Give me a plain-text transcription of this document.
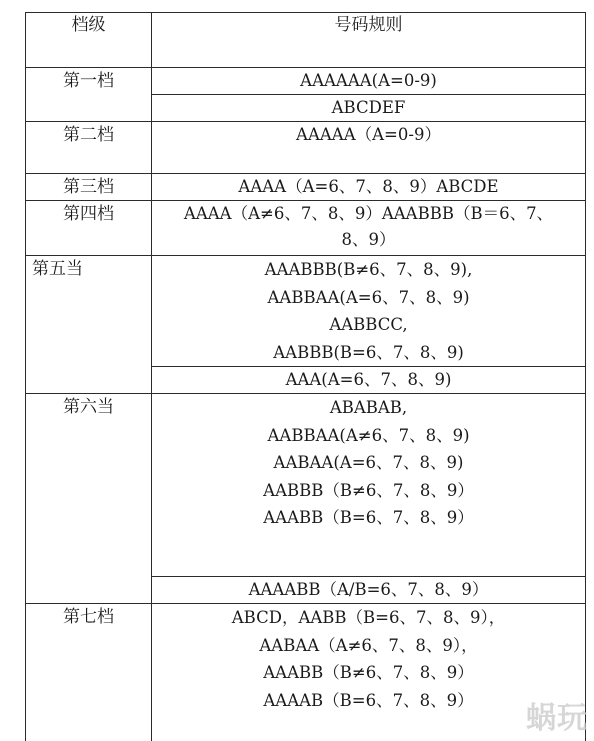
档级	号码规则
第一档	AAAAAA(A=0-9)
ABCDEF
第二档	AAAAA（A=0-9）
第三档	AAAA（A=6、7、8、9）ABCDE
第四档	AAAA（A≠6、7、8、9）AAABBB（B＝6、7、
8、9）
第五当	AAABBB(B≠6、7、8、9),
AABBAA(A=6、7、8、9)
AABBCC,
AABBB(B=6、7、8、9)
AAA(A=6、7、8、9)
第六当	ABABAB,
AABBAA(A≠6、7、8、9)
AABAA(A=6、7、8、9)
AABBB（B≠6、7、8、9）
AAABB（B=6、7、8、9）
AAAABB（A/B=6、7、8、9）
第七档	ABCD，AABB（B=6、7、8、9），
AABAA（A≠6、7、8、9），
AAABB（B≠6、7、8、9）
AAAAB（B=6、7、8、9）
蜗玩
